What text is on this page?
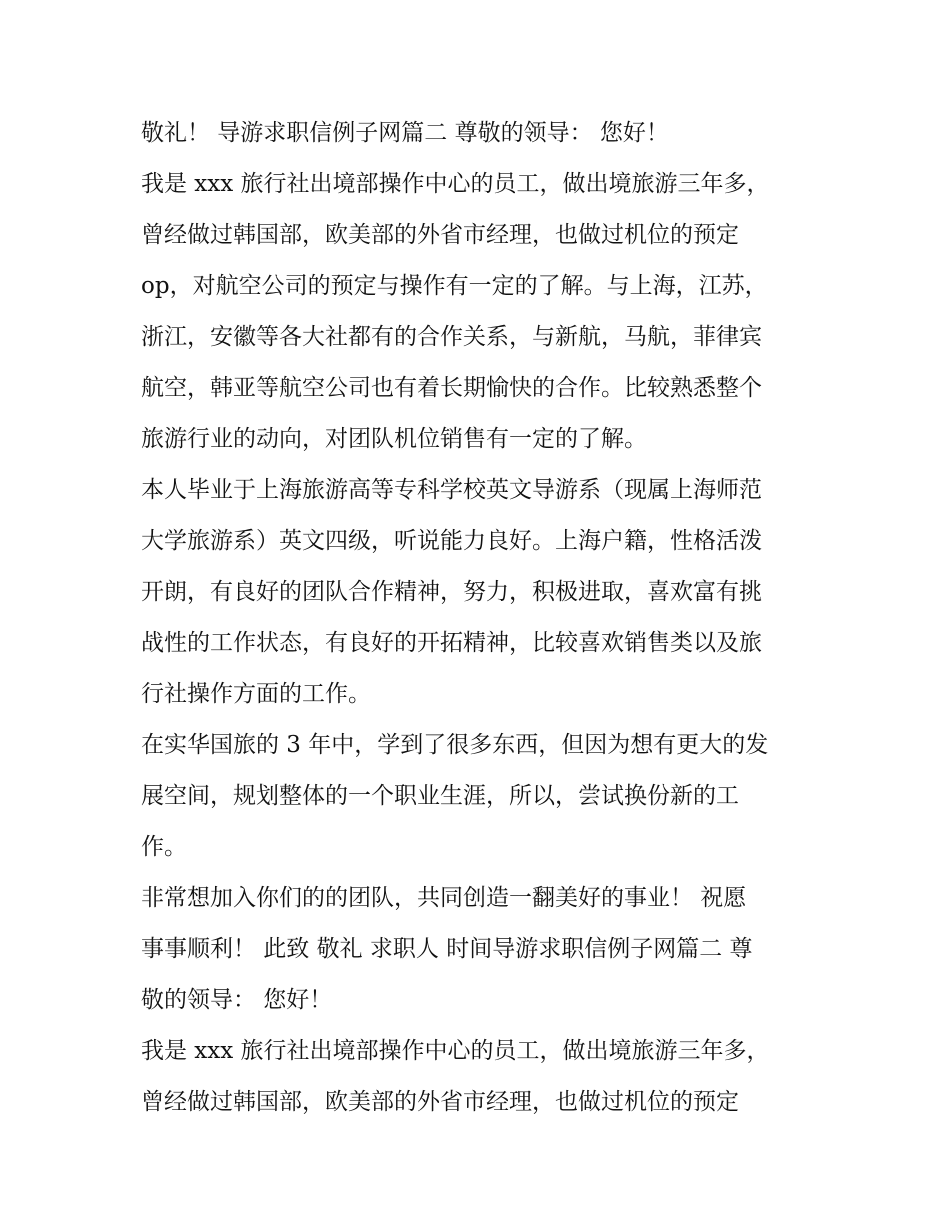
敬礼！ 导游求职信例子网篇二 尊敬的领导： 您好！
我是 xxx 旅行社出境部操作中心的员工，做出境旅游三年多，
曾经做过韩国部，欧美部的外省市经理，也做过机位的预定
op，对航空公司的预定与操作有一定的了解。与上海，江苏，
浙江，安徽等各大社都有的合作关系，与新航，马航，菲律宾
航空，韩亚等航空公司也有着长期愉快的合作。比较熟悉整个
旅游行业的动向，对团队机位销售有一定的了解。
本人毕业于上海旅游高等专科学校英文导游系（现属上海师范
大学旅游系）英文四级，听说能力良好。上海户籍，性格活泼
开朗，有良好的团队合作精神，努力，积极进取，喜欢富有挑
战性的工作状态，有良好的开拓精神，比较喜欢销售类以及旅
行社操作方面的工作。
在实华国旅的 3 年中，学到了很多东西，但因为想有更大的发
展空间，规划整体的一个职业生涯，所以，尝试换份新的工
作。
非常想加入你们的的团队，共同创造一翻美好的事业！ 祝愿
事事顺利！ 此致 敬礼 求职人 时间导游求职信例子网篇二 尊
敬的领导： 您好！
我是 xxx 旅行社出境部操作中心的员工，做出境旅游三年多，
曾经做过韩国部，欧美部的外省市经理，也做过机位的预定
